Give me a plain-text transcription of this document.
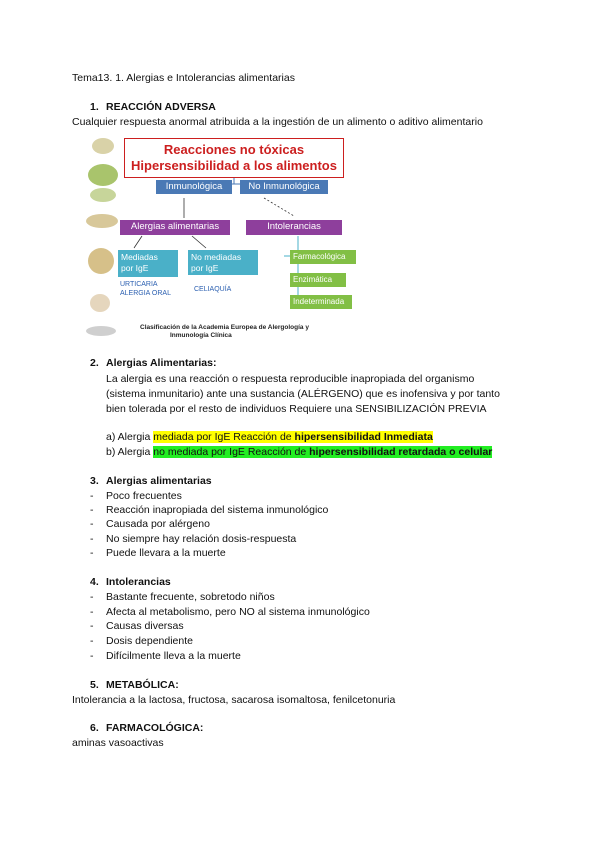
Tema13. 1. Alergias e Intolerancias alimentarias
1. REACCIÓN ADVERSA
Cualquier respuesta anormal atribuida a la ingestión de un alimento o aditivo alimentario
Reacciones no tóxicas
Hipersensibilidad a los alimentos
Inmunológica	No Inmunológica
Alergias alimentarias	Intolerancias
Mediadas
por IgE
No mediadas
por IgE
URTICARIA
ALERGIA ORAL
CELIAQUÍA
Farmacológica
Enzimática
Indeterminada
Clasificación de la Academia Europea de Alergología y
Inmunología Clínica
2. Alergias Alimentarias:
La alergia es una reacción o respuesta reproducible inapropiada del organismo
(sistema inmunitario) ante una sustancia (ALÉRGENO) que es inofensiva y por tanto
bien tolerada por el resto de individuos Requiere una SENSIBILIZACIÓN PREVIA
a) Alergia mediada por IgE Reacción de hipersensibilidad Inmediata
b) Alergia no mediada por IgE Reacción de hipersensibilidad retardada o celular
3. Alergias alimentarias
- Poco frecuentes
- Reacción inapropiada del sistema inmunológico
- Causada por alérgeno
- No siempre hay relación dosis-respuesta
- Puede llevara a la muerte
4. Intolerancias
- Bastante frecuente, sobretodo niños
- Afecta al metabolismo, pero NO al sistema inmunológico
- Causas diversas
- Dosis dependiente
- Difícilmente lleva a la muerte
5. METABÓLICA:
Intolerancia a la lactosa, fructosa, sacarosa isomaltosa, fenilcetonuria
6. FARMACOLÓGICA:
aminas vasoactivas
